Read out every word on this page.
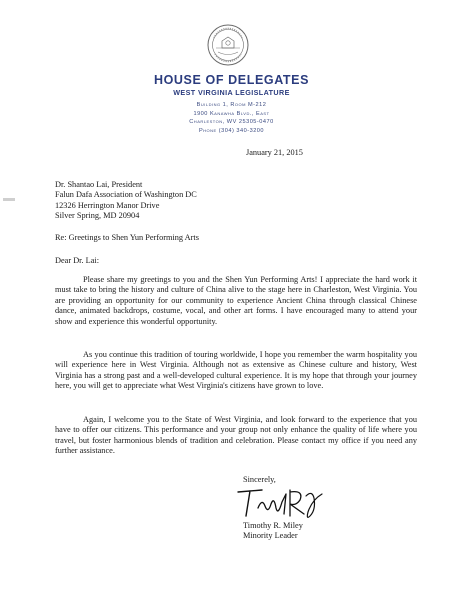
HOUSE OF DELEGATES
WEST VIRGINIA LEGISLATURE
Building 1, Room M-212
1900 Kanawha Blvd., East
Charleston, WV 25305-0470
Phone (304) 340-3200
January 21, 2015
Dr. Shantao Lai, President
Falun Dafa Association of Washington DC
12326 Herrington Manor Drive
Silver Spring, MD 20904
Re: Greetings to Shen Yun Performing Arts
Dear Dr. Lai:

Please share my greetings to you and the Shen Yun Performing Arts! I appreciate the hard work it must take to bring the history and culture of China alive to the stage here in Charleston, West Virginia. You are providing an opportunity for our community to experience Ancient China through classical Chinese dance, animated backdrops, costume, vocal, and other art forms. I have encouraged many to attend your show and experience this wonderful opportunity.

As you continue this tradition of touring worldwide, I hope you remember the warm hospitality you will experience here in West Virginia. Although not as extensive as Chinese culture and history, West Virginia has a strong past and a well-developed cultural experience. It is my hope that through your journey here, you will get to appreciate what West Virginia's citizens have grown to love.

Again, I welcome you to the State of West Virginia, and look forward to the experience that you have to offer our citizens. This performance and your group not only enhance the quality of life where you travel, but foster harmonious blends of tradition and celebration. Please contact my office if you need any further assistance.

Sincerely,
Timothy R. Miley
Minority Leader
